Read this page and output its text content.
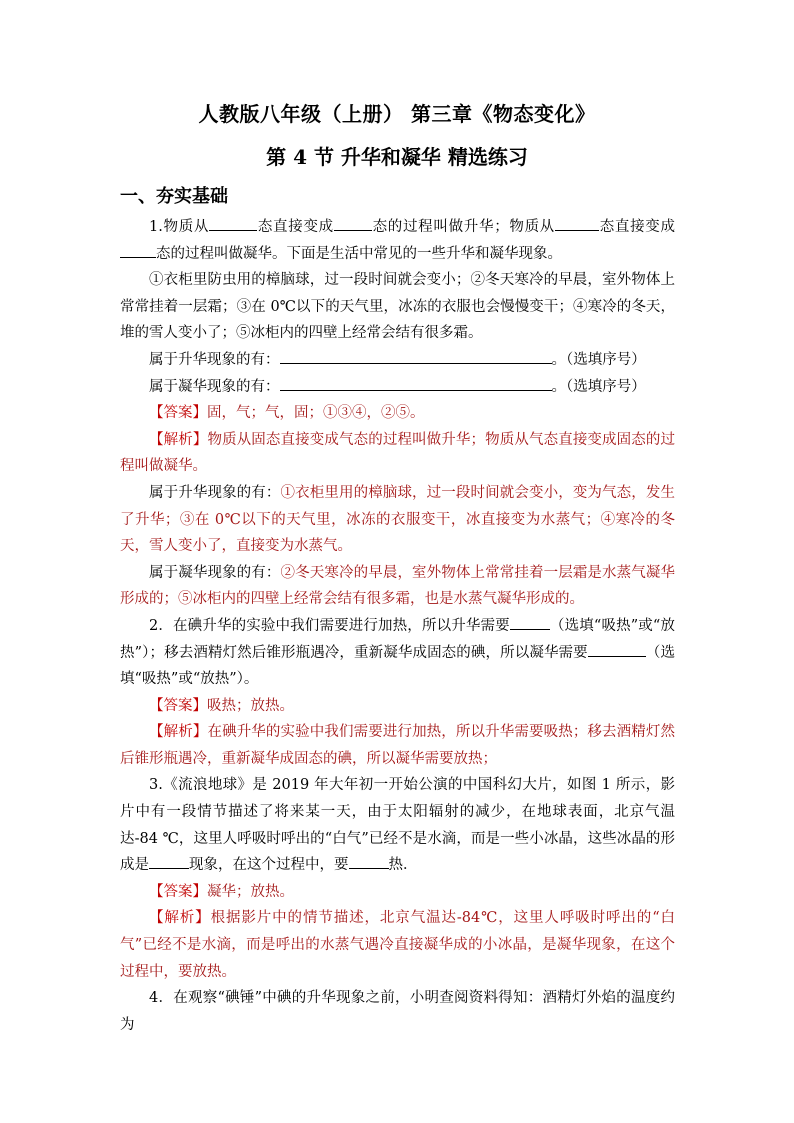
人教版八年级（上册） 第三章《物态变化》
第 4 节 升华和凝华 精选练习
一、夯实基础

1.物质从	态直接变成	态的过程叫做升华；物质从	态直接变成态的过程叫做凝华。下面是生活中常见的一些升华和凝华现象。

①衣柜里防虫用的樟脑球，过一段时间就会变小；②冬天寒冷的早晨，室外物体上常常挂着一层霜；③在 0℃以下的天气里，冰冻的衣服也会慢慢变干；④寒冷的冬天，堆的雪人变小了；⑤冰柜内的四壁上经常会结有很多霜。

属于升华现象的有：	。（选填序号）

属于凝华现象的有：	。（选填序号）

【答案】固，气；气，固；①③④，②⑤。

【解析】物质从固态直接变成气态的过程叫做升华；物质从气态直接变成固态的过程叫做凝华。

属于升华现象的有：①衣柜里用的樟脑球，过一段时间就会变小，变为气态，发生了升华；③在 0℃以下的天气里，冰冻的衣服变干，冰直接变为水蒸气；④寒冷的冬天，雪人变小了，直接变为水蒸气。

属于凝华现象的有：②冬天寒冷的早晨，室外物体上常常挂着一层霜是水蒸气凝华形成的；⑤冰柜内的四壁上经常会结有很多霜，也是水蒸气凝华形成的。

2．在碘升华的实验中我们需要进行加热，所以升华需要	（选填“吸热”或“放热”）；移去酒精灯然后锥形瓶遇冷，重新凝华成固态的碘，所以凝华需要	（选填“吸热”或“放热”）。

【答案】吸热；放热。

【解析】在碘升华的实验中我们需要进行加热，所以升华需要吸热；移去酒精灯然后锥形瓶遇冷，重新凝华成固态的碘，所以凝华需要放热；

3.《流浪地球》是 2019 年大年初一开始公演的中国科幻大片，如图 1 所示，影片中有一段情节描述了将来某一天，由于太阳辐射的减少，在地球表面，北京气温达-84 ℃，这里人呼吸时呼出的“白气”已经不是水滴，而是一些小冰晶，这些冰晶的形成是	现象，在这个过程中，要	热．

【答案】凝华；放热。

【解析】根据影片中的情节描述，北京气温达-84℃，这里人呼吸时呼出的“白气”已经不是水滴，而是呼出的水蒸气遇冷直接凝华成的小冰晶，是凝华现象，在这个过程中，要放热。

4．在观察“碘锤”中碘的升华现象之前，小明查阅资料得知：酒精灯外焰的温度约为
